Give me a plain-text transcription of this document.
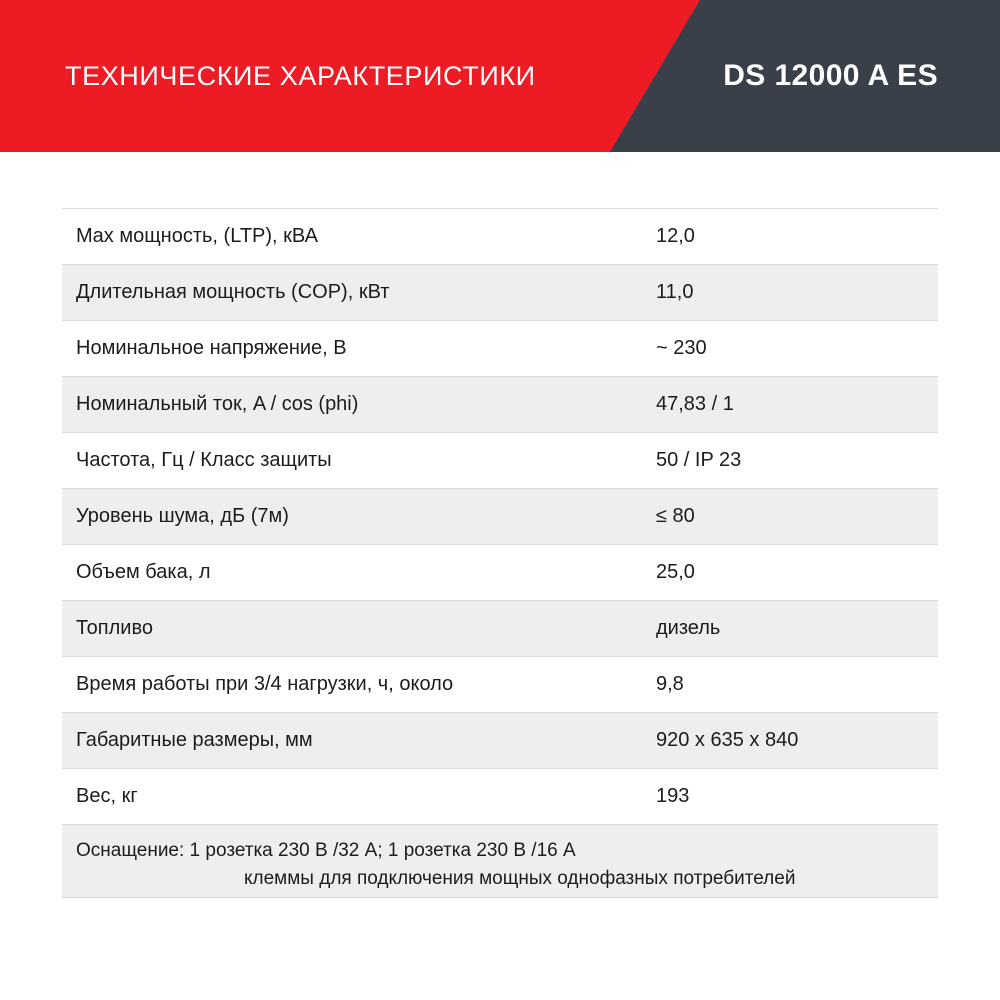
ТЕХНИЧЕСКИЕ ХАРАКТЕРИСТИКИ	DS 12000 A ES
Max мощность, (LTP), кВА	12,0
Длительная мощность (COP), кВт	11,0
Номинальное напряжение, В	~ 230
Номинальный ток, A / cos (phi)	47,83 / 1
Частота, Гц / Класс защиты	50 / IP 23
Уровень шума, дБ (7м)	≤ 80
Объем бака, л	25,0
Топливо	дизель
Время работы при 3/4 нагрузки, ч, около	9,8
Габаритные размеры, мм	920 x 635 x 840
Вес, кг	193
Оснащение: 1 розетка 230 В /32 A; 1 розетка 230 В /16 A
клеммы для подключения мощных однофазных потребителей
